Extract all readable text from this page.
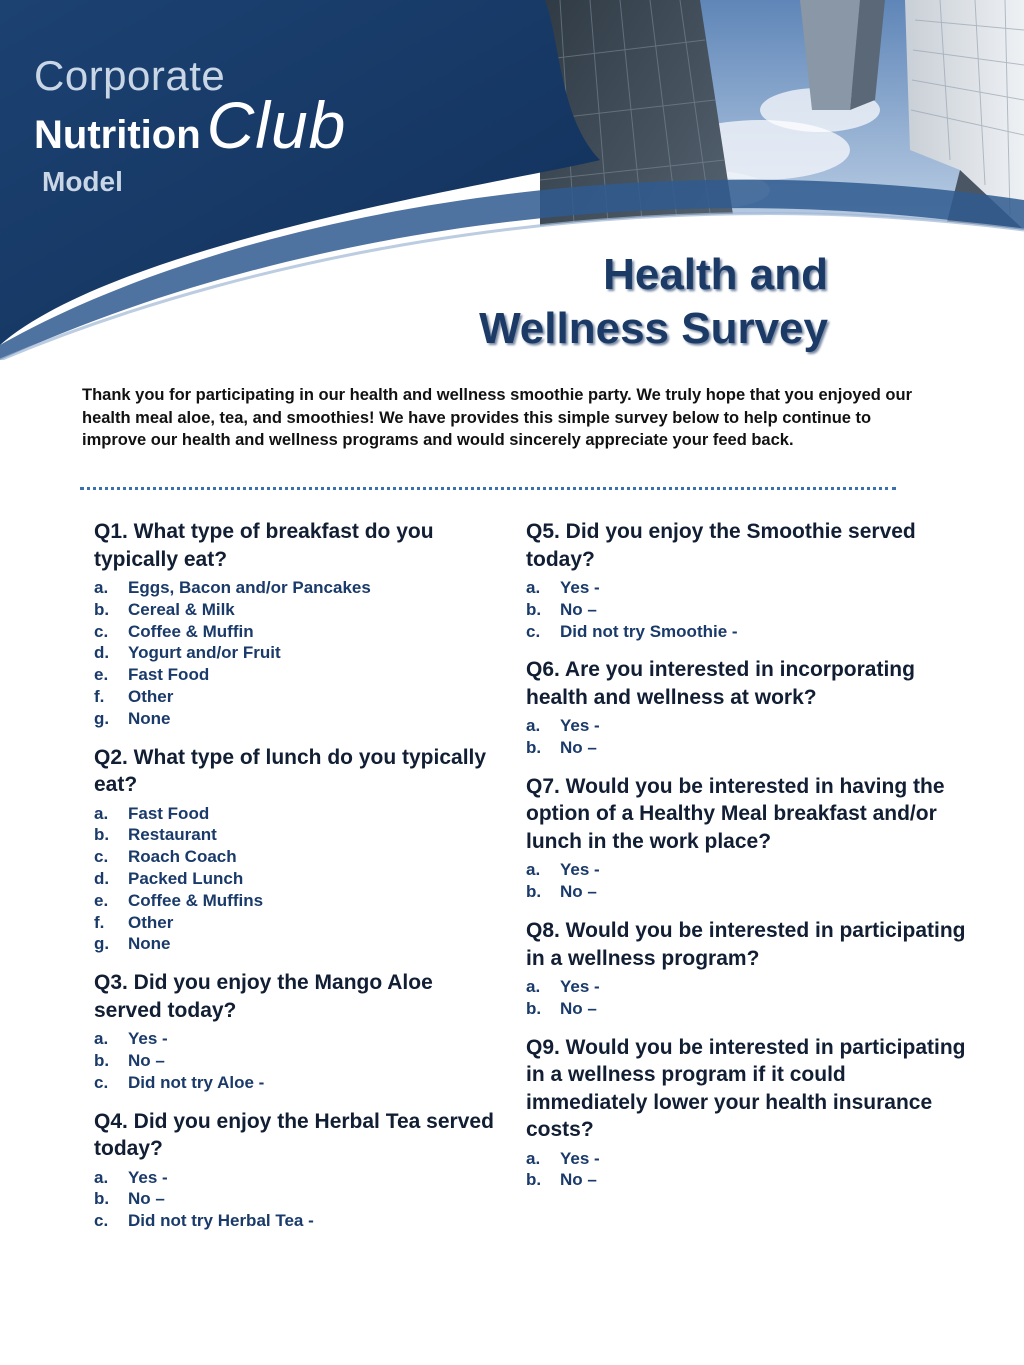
Corporate
Nutrition Club
Model
Health and
Wellness Survey
Thank you for participating in our health and wellness smoothie party. We truly hope that you enjoyed our health meal aloe, tea, and smoothies! We have provides this simple survey below to help continue to improve our health and wellness programs and would sincerely appreciate your feed back.
Q1. What type of breakfast do you typically eat?
a.	Eggs, Bacon and/or Pancakes
b.	Cereal & Milk
c.	Coffee & Muffin
d.	Yogurt and/or Fruit
e.	Fast Food
f.	Other
g.	None
Q2. What type of lunch do you typically eat?
a.	Fast Food
b.	Restaurant
c.	Roach Coach
d.	Packed Lunch
e.	Coffee & Muffins
f.	Other
g.	None
Q3. Did you enjoy the Mango Aloe served today?
a.	Yes -
b.	No –
c.	Did not try Aloe -
Q4. Did you enjoy the Herbal Tea served today?
a.	Yes -
b.	No –
c.	Did not try Herbal Tea -
Q5. Did you enjoy the Smoothie served today?
a.	Yes -
b.	No –
c.	Did not try Smoothie -
Q6. Are you interested in incorporating health and wellness at work?
a.	Yes -
b.	No –
Q7. Would you be interested in having the option of a Healthy Meal breakfast and/or lunch in the work place?
a.	Yes -
b.	No –
Q8. Would you be interested in participating in a wellness program?
a.	Yes -
b.	No –
Q9. Would you be interested in participating in a wellness program if it could immediately lower your health insurance costs?
a.	Yes -
b.	No –
